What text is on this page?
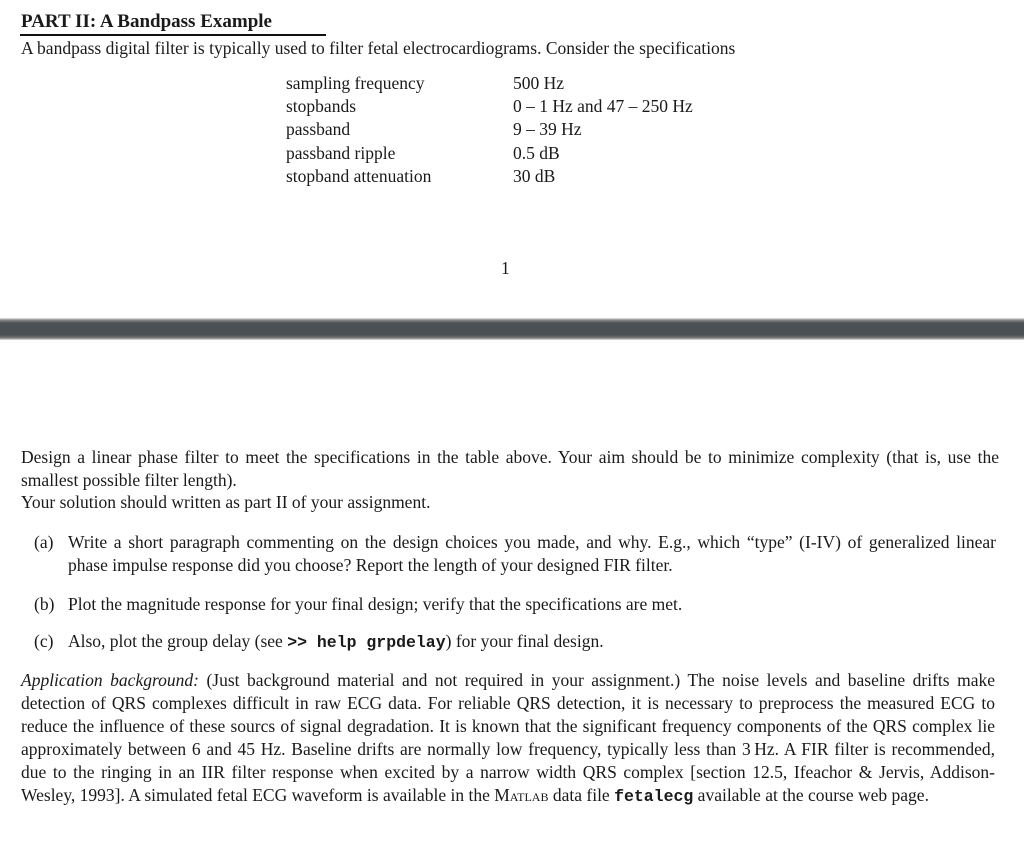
PART II: A Bandpass Example
A bandpass digital filter is typically used to filter fetal electrocardiograms. Consider the specifications
sampling frequency	500 Hz
stopbands	0 – 1 Hz and 47 – 250 Hz
passband	9 – 39 Hz
passband ripple	0.5 dB
stopband attenuation	30 dB
1

Design a linear phase filter to meet the specifications in the table above. Your aim should be to minimize complexity (that is, use the smallest possible filter length).

Your solution should written as part II of your assignment.

(a) Write a short paragraph commenting on the design choices you made, and why. E.g., which “type” (I-IV) of generalized linear phase impulse response did you choose? Report the length of your designed FIR filter.
(b) Plot the magnitude response for your final design; verify that the specifications are met.
(c) Also, plot the group delay (see >> help grpdelay) for your final design.

Application background: (Just background material and not required in your assignment.) The noise levels and baseline drifts make detection of QRS complexes difficult in raw ECG data. For reliable QRS detection, it is necessary to preprocess the measured ECG to reduce the influence of these sourcs of signal degradation. It is known that the significant frequency components of the QRS complex lie approximately between 6 and 45 Hz. Baseline drifts are normally low frequency, typically less than 3 Hz. A FIR filter is recommended, due to the ringing in an IIR filter response when excited by a narrow width QRS complex [section 12.5, Ifeachor & Jervis, Addison-Wesley, 1993]. A simulated fetal ECG waveform is available in the Matlab data file fetalecg available at the course web page.
